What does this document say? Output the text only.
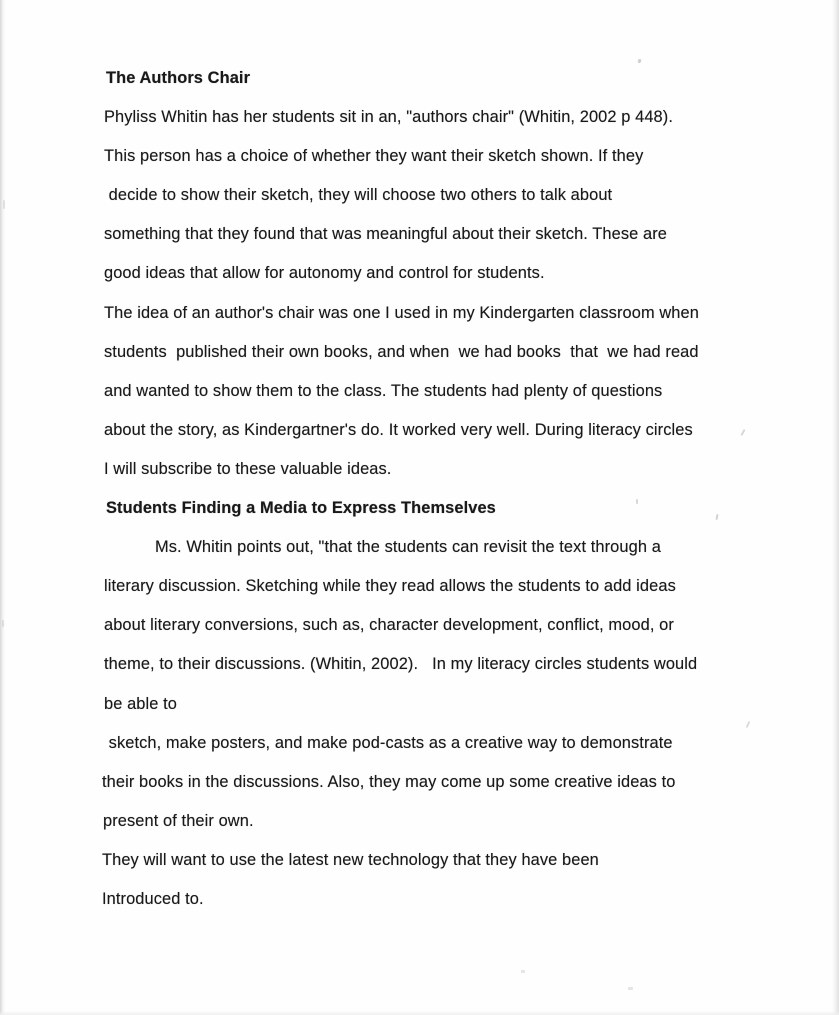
The Authors Chair
Phyliss Whitin has her students sit in an, "authors chair" (Whitin, 2002 p 448).
This person has a choice of whether they want their sketch shown. If they
decide to show their sketch, they will choose two others to talk about
something that they found that was meaningful about their sketch. These are
good ideas that allow for autonomy and control for students.
The idea of an author's chair was one I used in my Kindergarten classroom when
students  published their own books, and when  we had books  that  we had read
and wanted to show them to the class. The students had plenty of questions
about the story, as Kindergartner's do. It worked very well. During literacy circles
I will subscribe to these valuable ideas.
Students Finding a Media to Express Themselves
Ms. Whitin points out, "that the students can revisit the text through a
literary discussion. Sketching while they read allows the students to add ideas
about literary conversions, such as, character development, conflict, mood, or
theme, to their discussions. (Whitin, 2002).   In my literacy circles students would
be able to
sketch, make posters, and make pod-casts as a creative way to demonstrate
their books in the discussions. Also, they may come up some creative ideas to
present of their own.
They will want to use the latest new technology that they have been
Introduced to.
